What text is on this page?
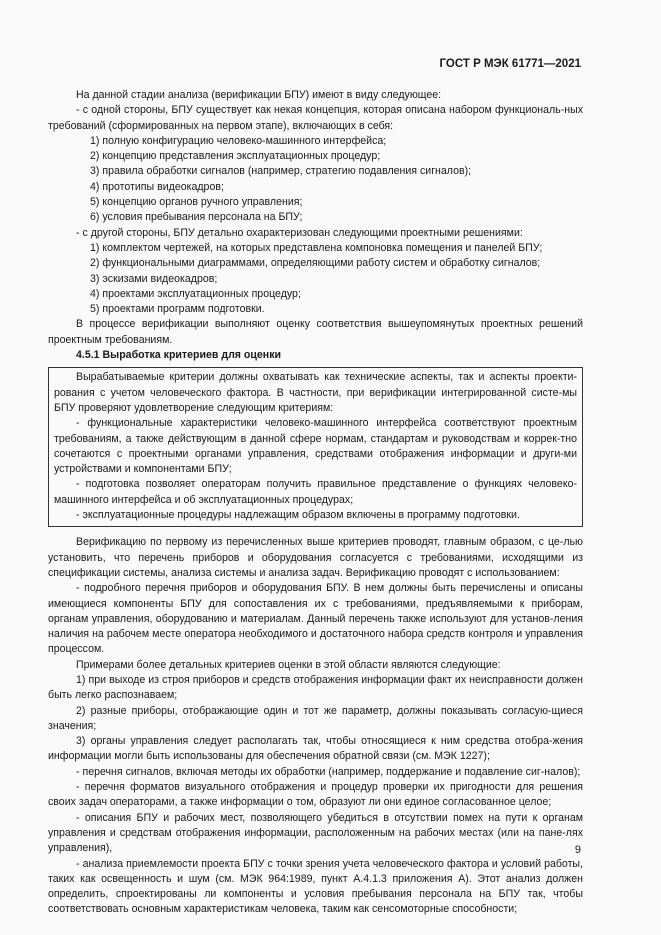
ГОСТ Р МЭК 61771—2021

На данной стадии анализа (верификации БПУ) имеют в виду следующее:

- с одной стороны, БПУ существует как некая концепция, которая описана набором функциональ-ных требований (сформированных на первом этапе), включающих в себя:

1) полную конфигурацию человеко-машинного интерфейса;

2) концепцию представления эксплуатационных процедур;

3) правила обработки сигналов (например, стратегию подавления сигналов);

4) прототипы видеокадров;

5) концепцию органов ручного управления;

6) условия пребывания персонала на БПУ;

- с другой стороны, БПУ детально охарактеризован следующими проектными решениями:

1) комплектом чертежей, на которых представлена компоновка помещения и панелей БПУ;

2) функциональными диаграммами, определяющими работу систем и обработку сигналов;

3) эскизами видеокадров;

4) проектами эксплуатационных процедур;

5) проектами программ подготовки.

В процессе верификации выполняют оценку соответствия вышеупомянутых проектных решений проектным требованиям.

4.5.1 Выработка критериев для оценки

Вырабатываемые критерии должны охватывать как технические аспекты, так и аспекты проекти-рования с учетом человеческого фактора. В частности, при верификации интегрированной систе-мы БПУ проверяют удовлетворение следующим критериям:

- функциональные характеристики человеко-машинного интерфейса соответствуют проектным требованиям, а также действующим в данной сфере нормам, стандартам и руководствам и коррек-тно сочетаются с проектными органами управления, средствами отображения информации и други-ми устройствами и компонентами БПУ;

- подготовка позволяет операторам получить правильное представление о функциях человеко-машинного интерфейса и об эксплуатационных процедурах;

- эксплуатационные процедуры надлежащим образом включены в программу подготовки.

Верификацию по первому из перечисленных выше критериев проводят, главным образом, с це-лью установить, что перечень приборов и оборудования согласуется с требованиями, исходящими из спецификации системы, анализа системы и анализа задач. Верификацию проводят с использованием:

- подробного перечня приборов и оборудования БПУ. В нем должны быть перечислены и описаны имеющиеся компоненты БПУ для сопоставления их с требованиями, предъявляемыми к приборам, органам управления, оборудованию и материалам. Данный перечень также используют для установ-ления наличия на рабочем месте оператора необходимого и достаточного набора средств контроля и управления процессом.

Примерами более детальных критериев оценки в этой области являются следующие:

1) при выходе из строя приборов и средств отображения информации факт их неисправности должен быть легко распознаваем;

2) разные приборы, отображающие один и тот же параметр, должны показывать согласую-щиеся значения;

3) органы управления следует располагать так, чтобы относящиеся к ним средства отобра-жения информации могли быть использованы для обеспечения обратной связи (см. МЭК 1227);

- перечня сигналов, включая методы их обработки (например, поддержание и подавление сиг-налов);

- перечня форматов визуального отображения и процедур проверки их пригодности для решения своих задач операторами, а также информации о том, образуют ли они единое согласованное целое;

- описания БПУ и рабочих мест, позволяющего убедиться в отсутствии помех на пути к органам управления и средствам отображения информации, расположенным на рабочих местах (или на пане-лях управления),

- анализа приемлемости проекта БПУ с точки зрения учета человеческого фактора и условий работы, таких как освещенность и шум (см. МЭК 964:1989, пункт А.4.1.3 приложения А). Этот анализ должен определить, спроектированы ли компоненты и условия пребывания персонала на БПУ так, чтобы соответствовать основным характеристикам человека, таким как сенсомоторные способности;

9
